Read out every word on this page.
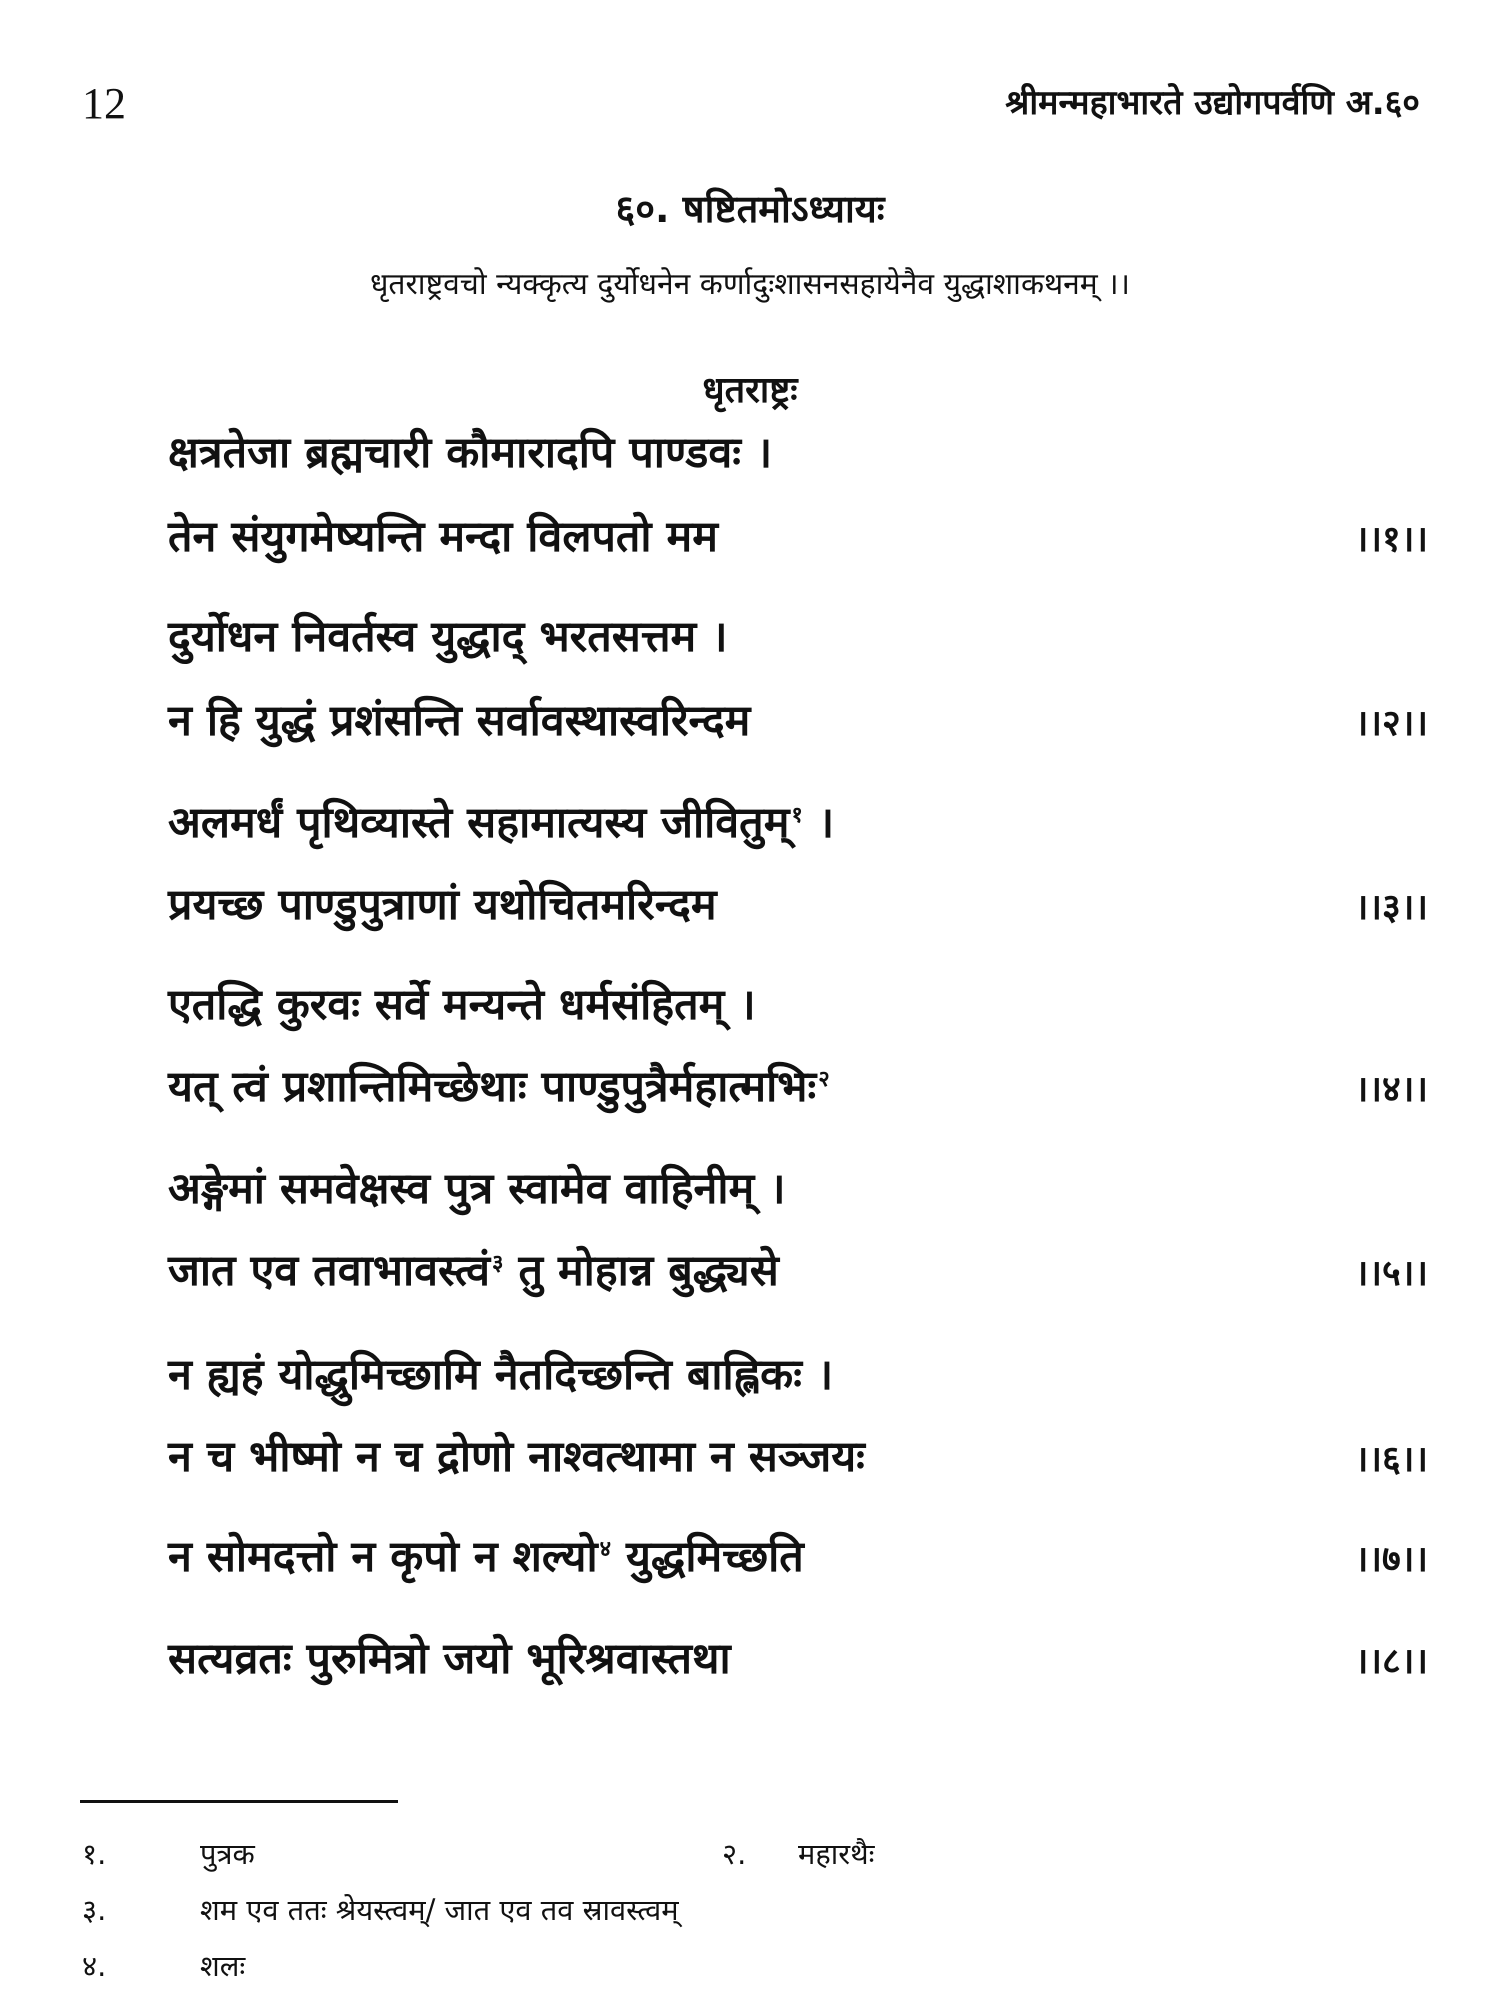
12	श्रीमन्महाभारते उद्योगपर्वणि अ.६०
६०. षष्टितमोऽध्यायः
धृतराष्ट्रवचो न्यक्कृत्य दुर्योधनेन कर्णादुःशासनसहायेनैव युद्धाशाकथनम् ।।
धृतराष्ट्रः
क्षत्रतेजा ब्रह्मचारी कौमारादपि पाण्डवः ।
तेन संयुगमेष्यन्ति मन्दा विलपतो मम	।।१।।
दुर्योधन निवर्तस्व युद्धाद् भरतसत्तम ।
न हि युद्धं प्रशंसन्ति सर्वावस्थास्वरिन्दम	।।२।।
अलमर्धं पृथिव्यास्ते सहामात्यस्य जीवितुम्$^१$ ।
प्रयच्छ पाण्डुपुत्राणां यथोचितमरिन्दम	।।३।।
एतद्धि कुरवः सर्वे मन्यन्ते धर्मसंहितम् ।
यत् त्वं प्रशान्तिमिच्छेथाः पाण्डुपुत्रैर्महात्मभिः$^२$	।।४।।
अङ्गेमां समवेक्षस्व पुत्र स्वामेव वाहिनीम् ।
जात एव तवाभावस्त्वं$^३$ तु मोहान्न बुद्ध्यसे	।।५।।
न ह्यहं योद्धुमिच्छामि नैतदिच्छन्ति बाह्लिकः ।
न च भीष्मो न च द्रोणो नाश्वत्थामा न सञ्जयः	।।६।।
न सोमदत्तो न कृपो न शल्यो$^४$ युद्धमिच्छति	।।७।।
सत्यव्रतः पुरुमित्रो जयो भूरिश्रवास्तथा	।।८।।
१.	पुत्रक	२. महारथैः
३.	शम एव ततः श्रेयस्त्वम्/ जात एव तव स्रावस्त्वम्
४.	शलः
